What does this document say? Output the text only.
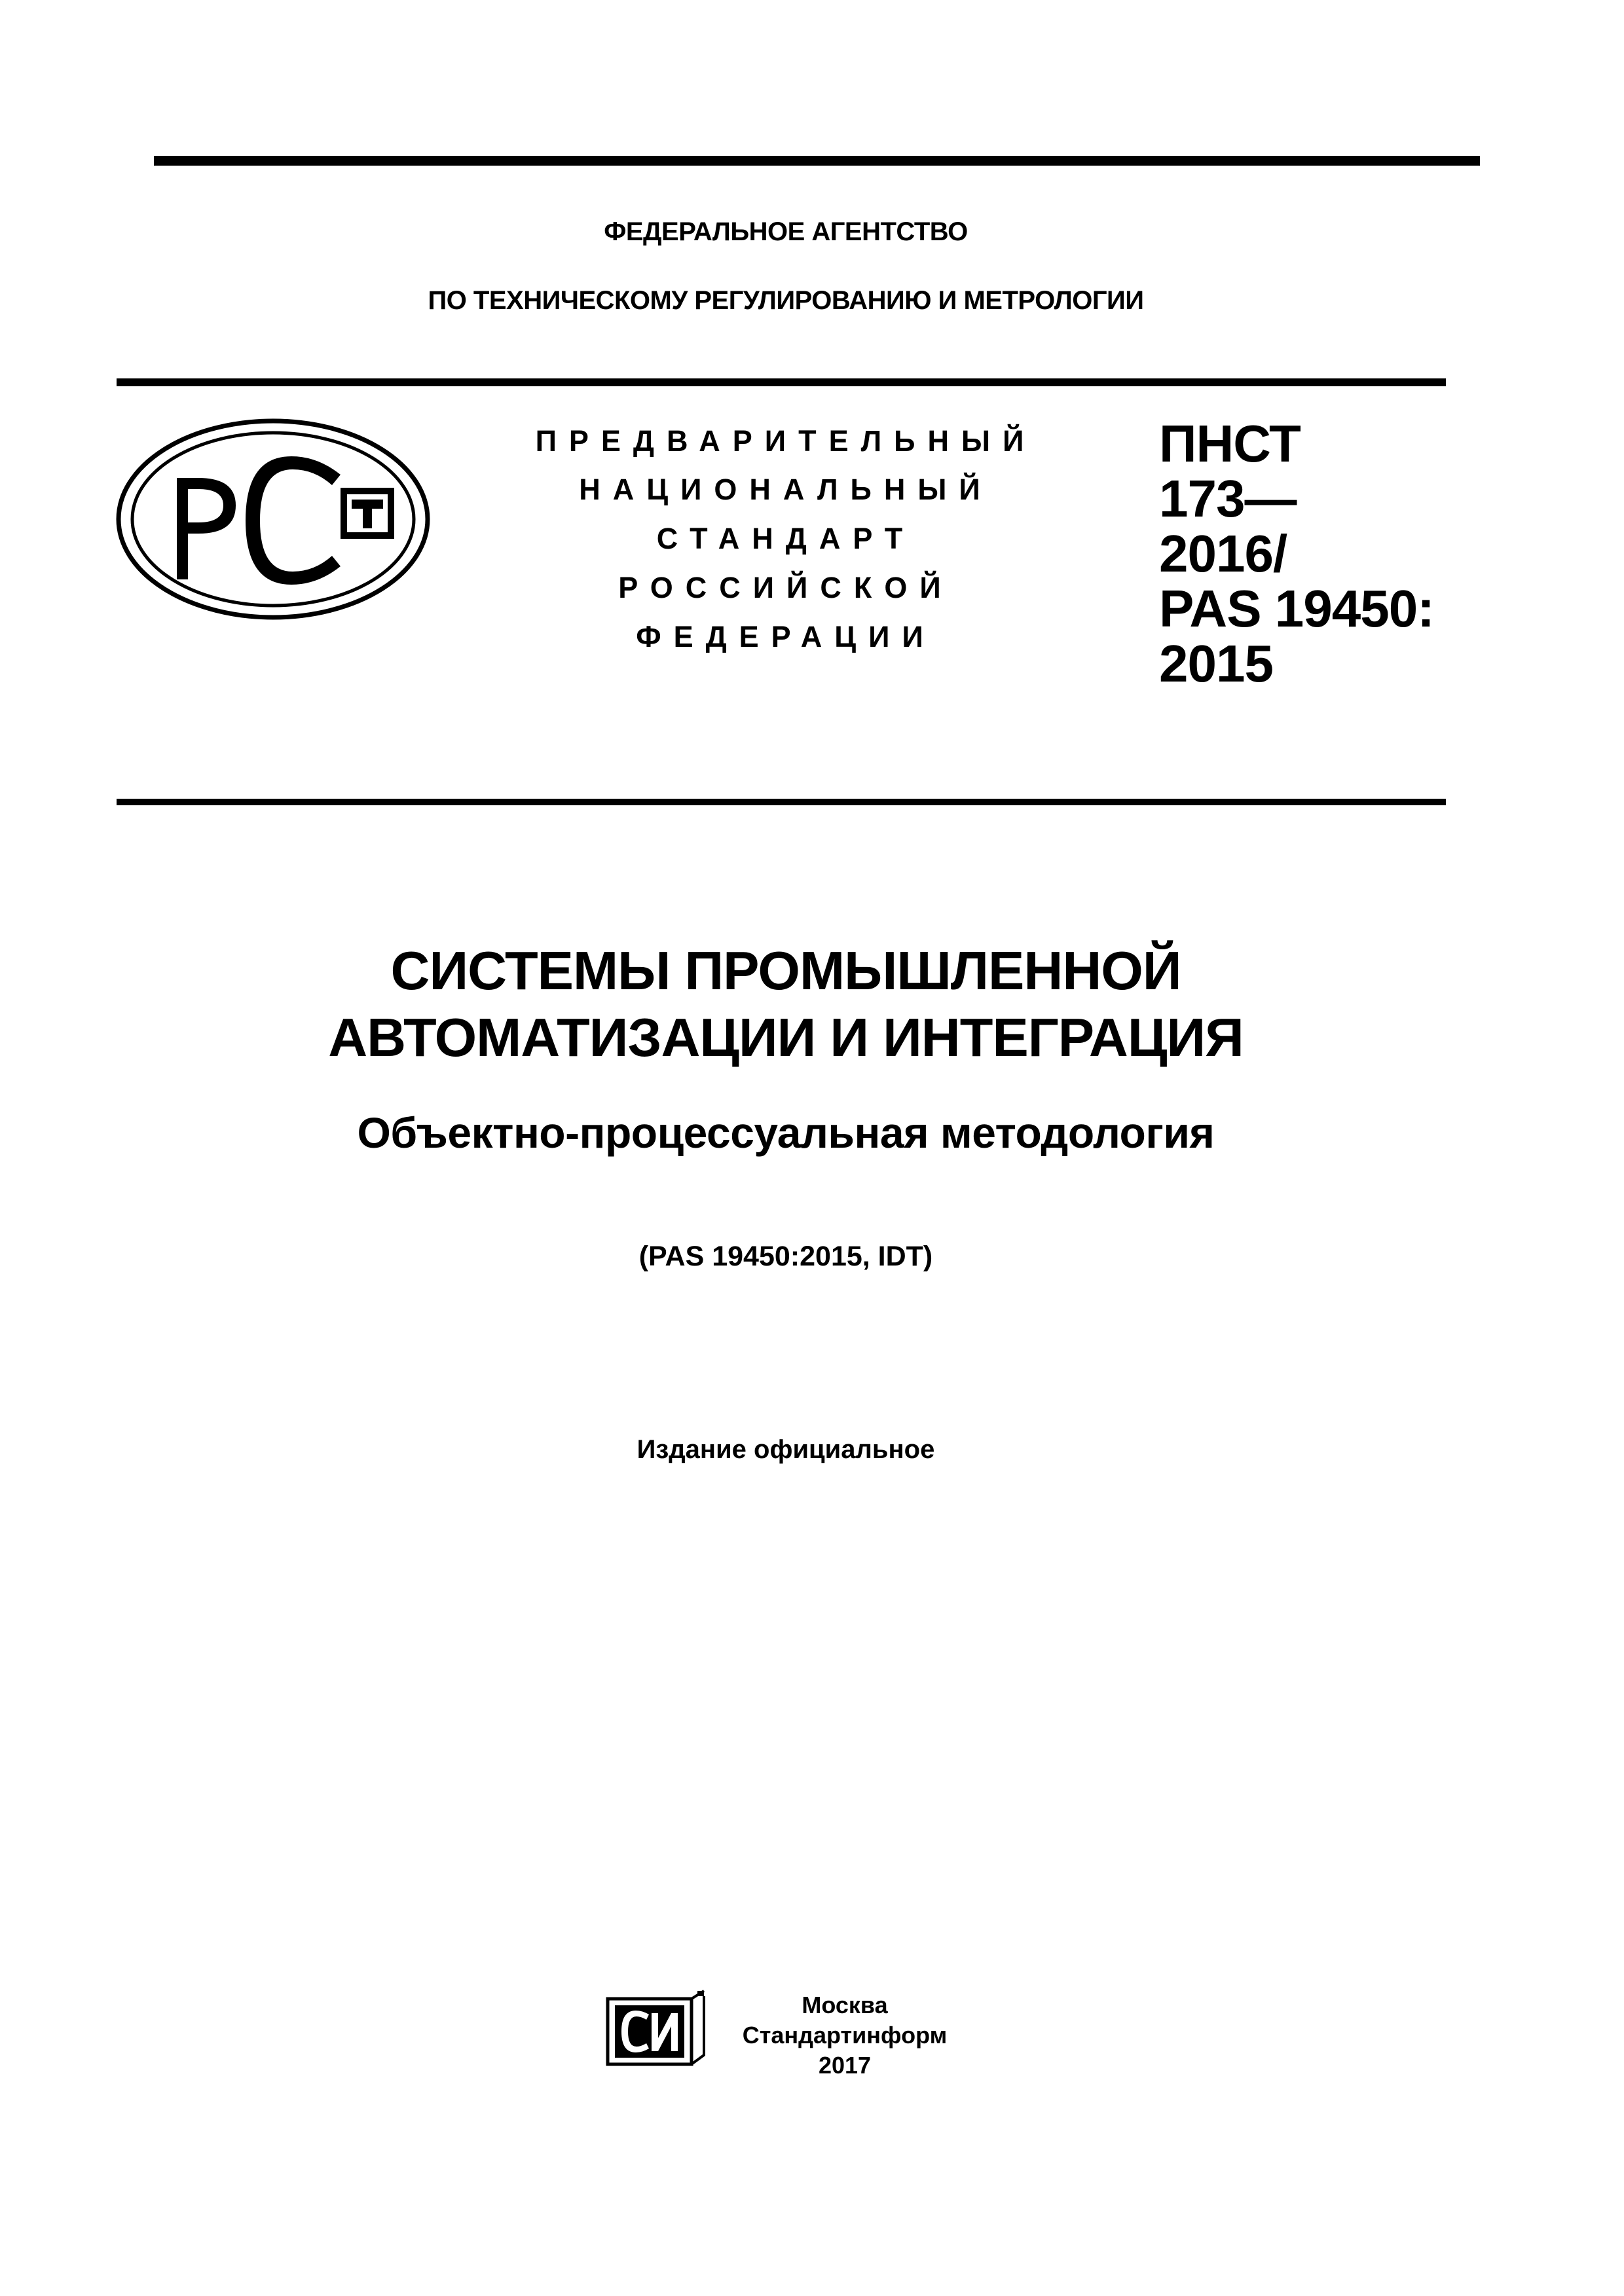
ФЕДЕРАЛЬНОЕ АГЕНТСТВО
ПО ТЕХНИЧЕСКОМУ РЕГУЛИРОВАНИЮ И МЕТРОЛОГИИ
ПРЕДВАРИТЕЛЬНЫЙ
НАЦИОНАЛЬНЫЙ
СТАНДАРТ
РОССИЙСКОЙ
ФЕДЕРАЦИИ
ПНСТ
173—
2016/
PAS 19450:
2015
СИСТЕМЫ ПРОМЫШЛЕННОЙ
АВТОМАТИЗАЦИИ И ИНТЕГРАЦИЯ
Объектно-процессуальная методология
(PAS 19450:2015, IDT)
Издание официальное
Москва
Стандартинформ
2017
